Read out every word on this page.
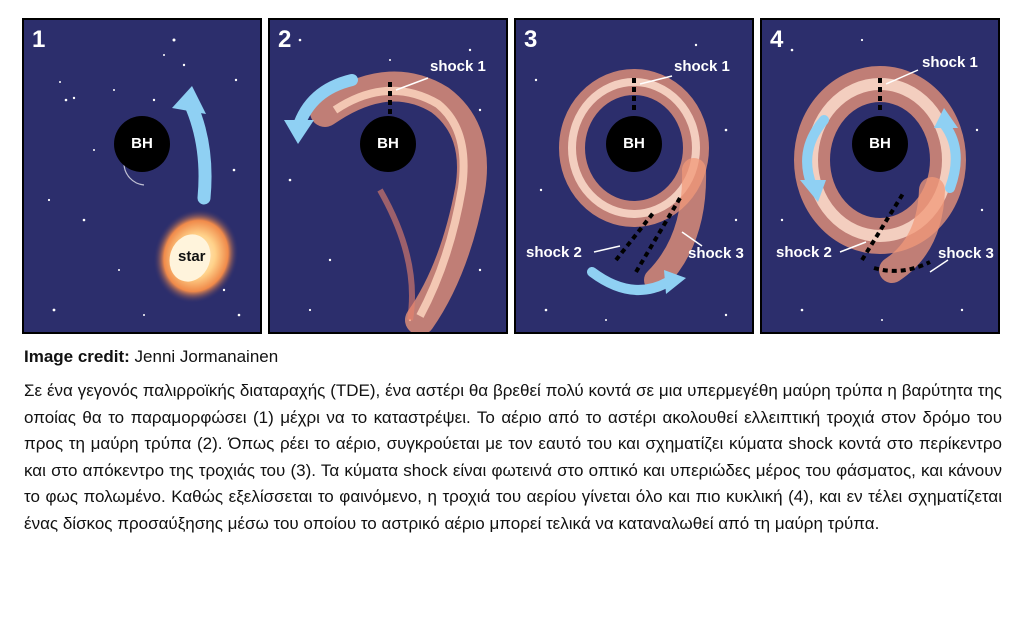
1
BH
star
2
BH
shock 1
3
BH
shock 1
shock 2	shock 3
4
BH
shock 1
shock 2	shock 3
Image credit: Jenni Jormanainen
Σε ένα γεγονός παλιρροϊκής διαταραχής (TDE), ένα αστέρι θα βρεθεί πολύ κοντά σε μια υπερμεγέθη μαύρη τρύπα η βαρύτητα της οποίας θα το παραμορφώσει (1) μέχρι να το καταστρέψει. Το αέριο από το αστέρι ακολουθεί ελλειπτική τροχιά στον δρόμο του προς τη μαύρη τρύπα (2). Όπως ρέει το αέριο, συγκρούεται με τον εαυτό του και σχηματίζει κύματα shock κοντά στο περίκεντρο και στο απόκεντρο της τροχιάς του (3). Τα κύματα shock είναι φωτεινά στο οπτικό και υπεριώδες μέρος του φάσματος, και κάνουν το φως πολωμένο. Καθώς εξελίσσεται το φαινόμενο, η τροχιά του αερίου γίνεται όλο και πιο κυκλική (4), και εν τέλει σχηματίζεται ένας δίσκος προσαύξησης μέσω του οποίου το αστρικό αέριο μπορεί τελικά να καταναλωθεί από τη μαύρη τρύπα.
